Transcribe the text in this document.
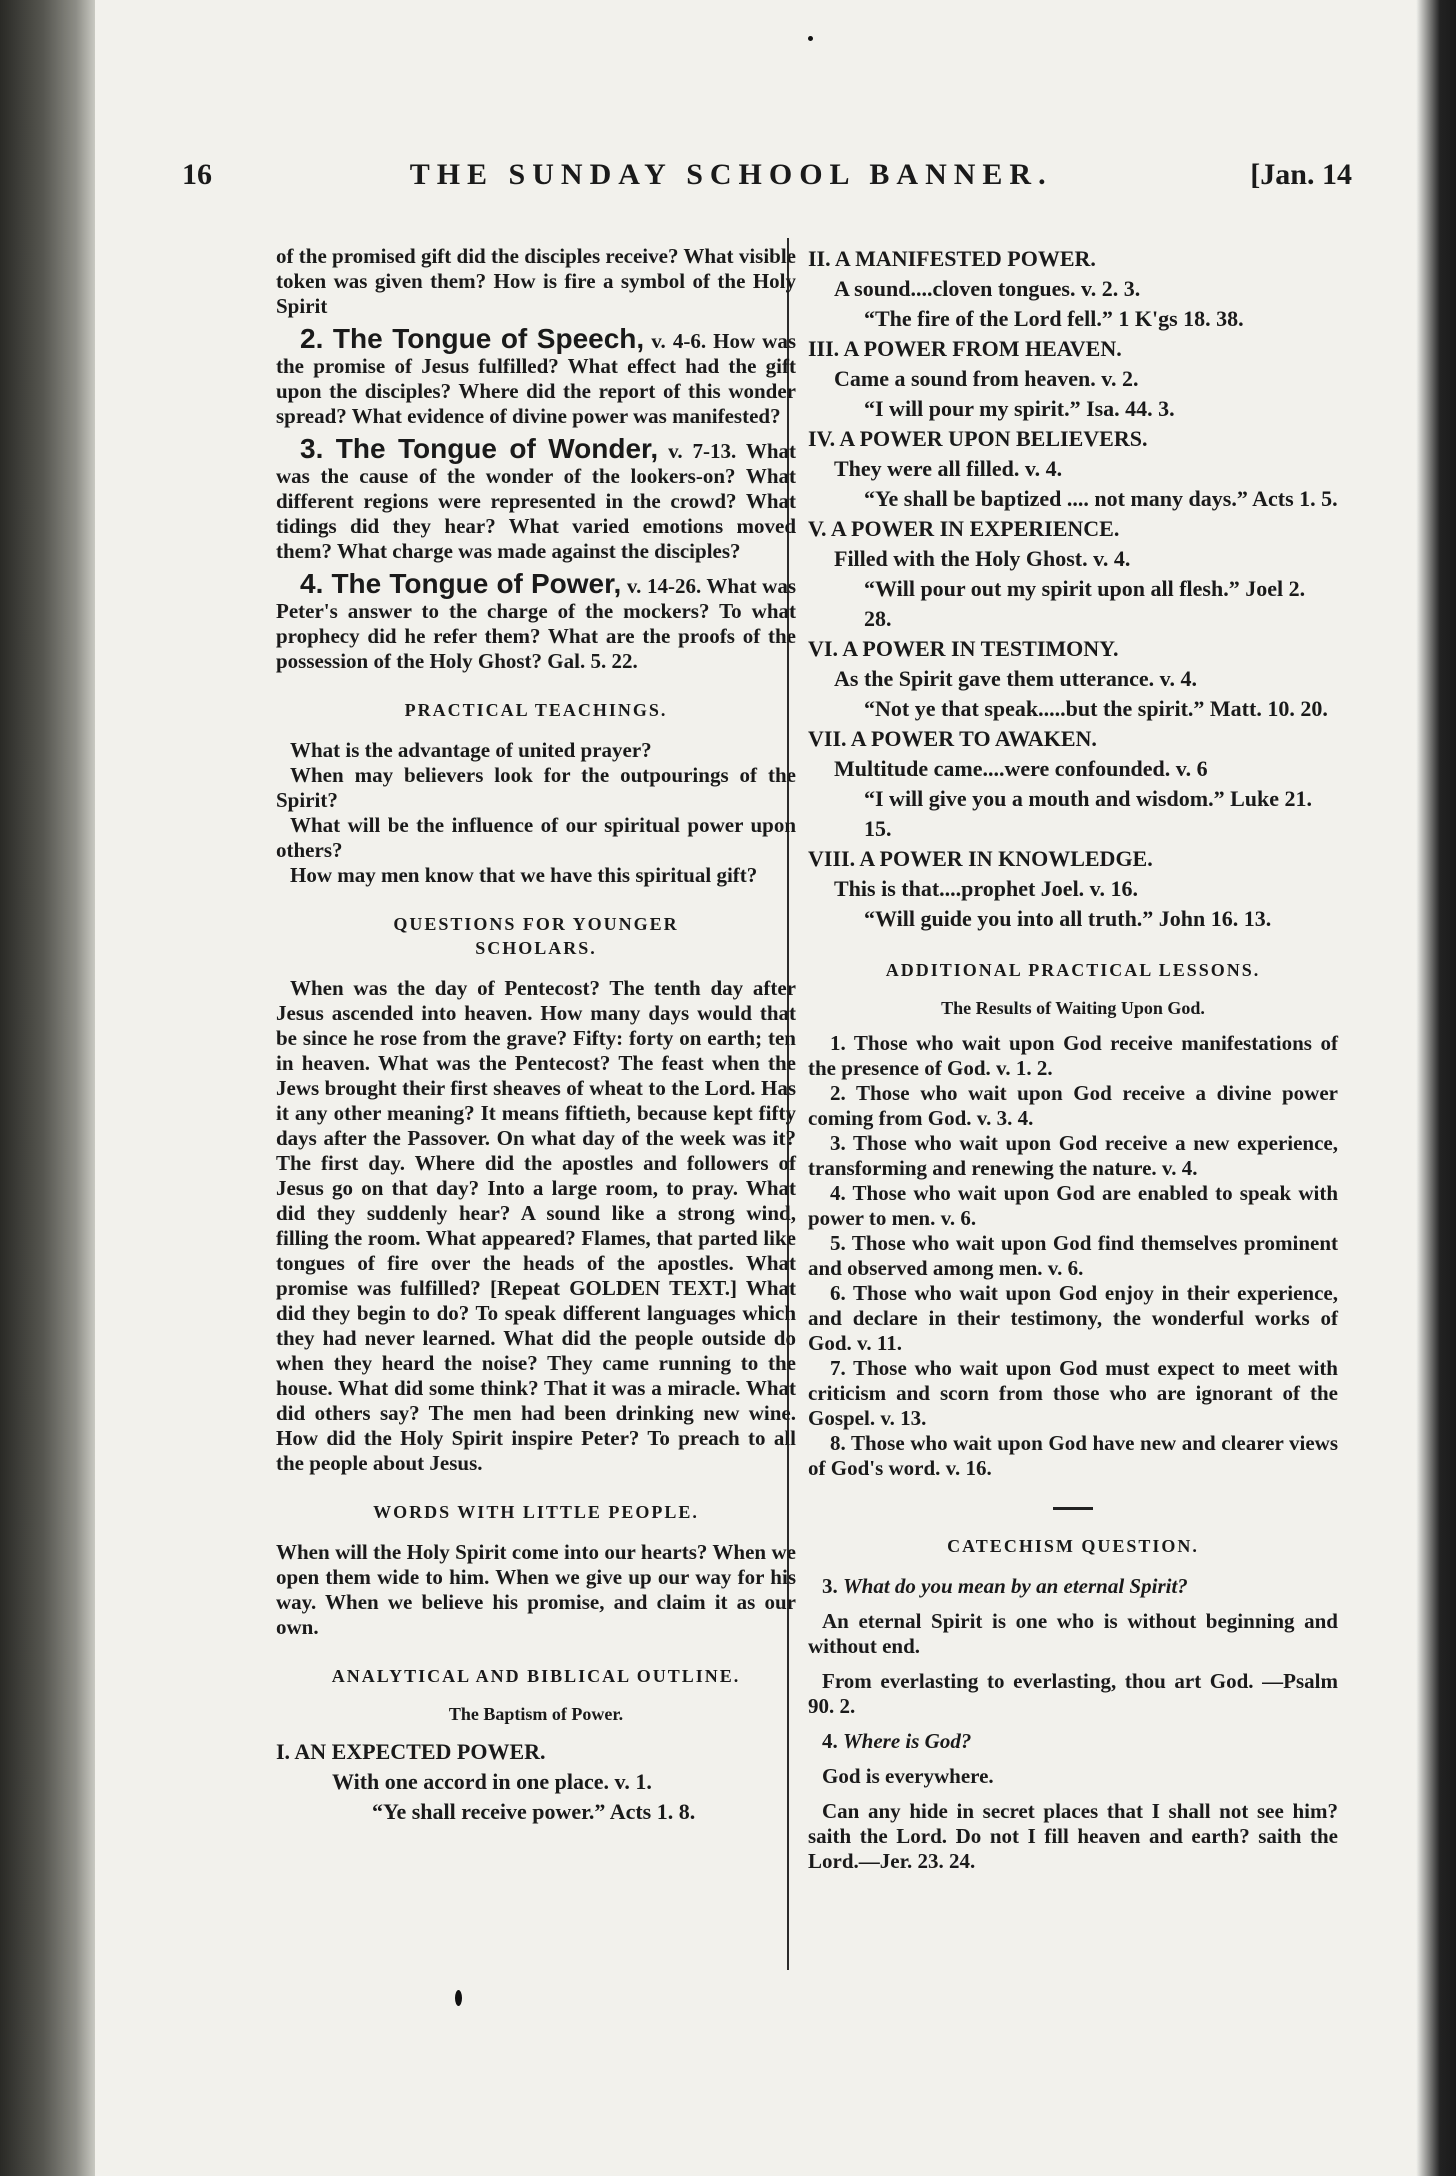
16	THE SUNDAY SCHOOL BANNER.	[Jan. 14

of the promised gift did the disciples receive? What visible token was given them? How is fire a symbol of the Holy Spirit

2. The Tongue of Speech, v. 4-6. How was the promise of Jesus fulfilled? What effect had the gift upon the disciples? Where did the report of this wonder spread? What evidence of divine power was manifested?

3. The Tongue of Wonder, v. 7-13. What was the cause of the wonder of the lookers-on? What different regions were represented in the crowd? What tidings did they hear? What varied emotions moved them? What charge was made against the disciples?

4. The Tongue of Power, v. 14-26. What was Peter's answer to the charge of the mockers? To what prophecy did he refer them? What are the proofs of the possession of the Holy Ghost? Gal. 5. 22.

PRACTICAL TEACHINGS.

What is the advantage of united prayer?

When may believers look for the outpourings of the Spirit?

What will be the influence of our spiritual power upon others?

How may men know that we have this spiritual gift?

QUESTIONS FOR YOUNGER
SCHOLARS.

When was the day of Pentecost? The tenth day after Jesus ascended into heaven. How many days would that be since he rose from the grave? Fifty: forty on earth; ten in heaven. What was the Pentecost? The feast when the Jews brought their first sheaves of wheat to the Lord. Has it any other meaning? It means fiftieth, because kept fifty days after the Passover. On what day of the week was it? The first day. Where did the apostles and followers of Jesus go on that day? Into a large room, to pray. What did they suddenly hear? A sound like a strong wind, filling the room. What appeared? Flames, that parted like tongues of fire over the heads of the apostles. What promise was fulfilled? [Repeat GOLDEN TEXT.] What did they begin to do? To speak different languages which they had never learned. What did the people outside do when they heard the noise? They came running to the house. What did some think? That it was a miracle. What did others say? The men had been drinking new wine. How did the Holy Spirit inspire Peter? To preach to all the people about Jesus.

WORDS WITH LITTLE PEOPLE.

When will the Holy Spirit come into our hearts? When we open them wide to him. When we give up our way for his way. When we believe his promise, and claim it as our own.

ANALYTICAL AND BIBLICAL OUTLINE.
The Baptism of Power.
I. AN EXPECTED POWER.
With one accord in one place. v. 1.
“Ye shall receive power.” Acts 1. 8.
II. A MANIFESTED POWER.
A sound....cloven tongues. v. 2. 3.
“The fire of the Lord fell.” 1 K'gs 18. 38.
III. A POWER FROM HEAVEN.
Came a sound from heaven. v. 2.
“I will pour my spirit.” Isa. 44. 3.
IV. A POWER UPON BELIEVERS.
They were all filled. v. 4.
“Ye shall be baptized .... not many days.” Acts 1. 5.
V. A POWER IN EXPERIENCE.
Filled with the Holy Ghost. v. 4.
“Will pour out my spirit upon all flesh.” Joel 2. 28.
VI. A POWER IN TESTIMONY.
As the Spirit gave them utterance. v. 4.
“Not ye that speak.....but the spirit.” Matt. 10. 20.
VII. A POWER TO AWAKEN.
Multitude came....were confounded. v. 6
“I will give you a mouth and wisdom.” Luke 21. 15.
VIII. A POWER IN KNOWLEDGE.
This is that....prophet Joel. v. 16.
“Will guide you into all truth.” John 16. 13.
ADDITIONAL PRACTICAL LESSONS.
The Results of Waiting Upon God.

1. Those who wait upon God receive manifestations of the presence of God. v. 1. 2.

2. Those who wait upon God receive a divine power coming from God. v. 3. 4.

3. Those who wait upon God receive a new experience, transforming and renewing the nature. v. 4.

4. Those who wait upon God are enabled to speak with power to men. v. 6.

5. Those who wait upon God find themselves prominent and observed among men. v. 6.

6. Those who wait upon God enjoy in their experience, and declare in their testimony, the wonderful works of God. v. 11.

7. Those who wait upon God must expect to meet with criticism and scorn from those who are ignorant of the Gospel. v. 13.

8. Those who wait upon God have new and clearer views of God's word. v. 16.

CATECHISM QUESTION.

3. What do you mean by an eternal Spirit?

An eternal Spirit is one who is without beginning and without end.

From everlasting to everlasting, thou art God. —Psalm 90. 2.

4. Where is God?

God is everywhere.

Can any hide in secret places that I shall not see him? saith the Lord. Do not I fill heaven and earth? saith the Lord.—Jer. 23. 24.
